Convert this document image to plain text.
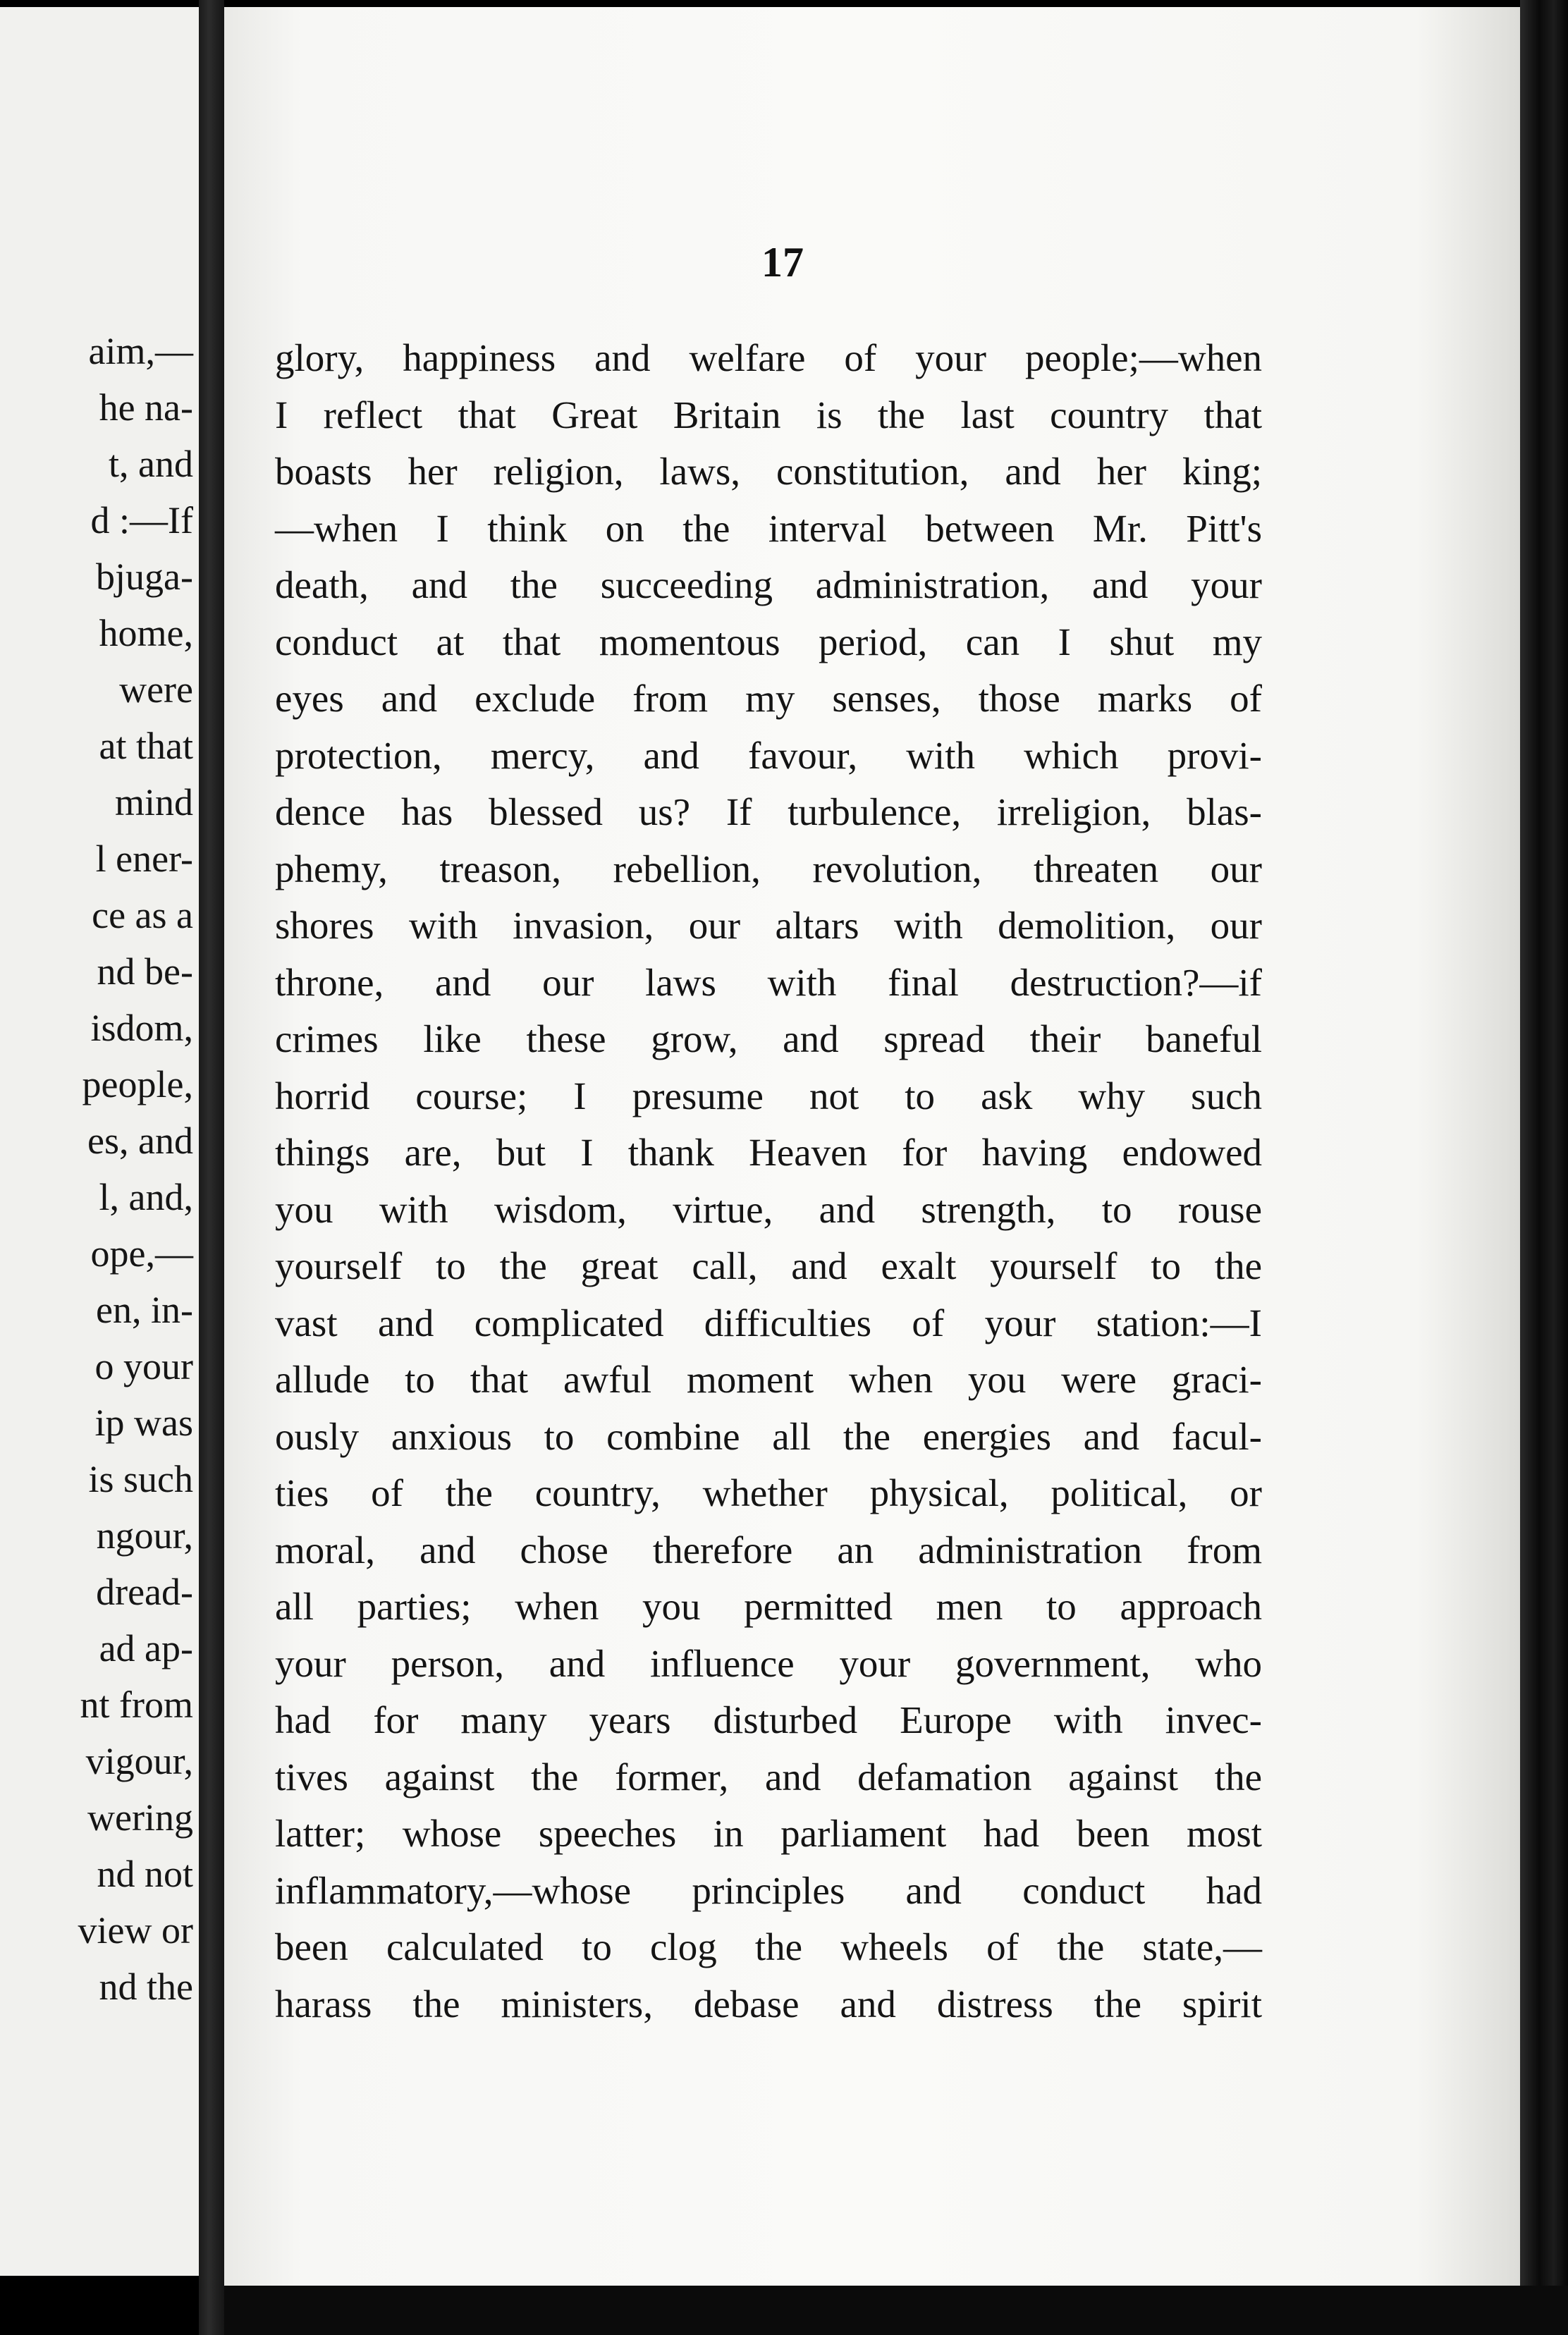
aim,—
he na-
t, and
d :—If
bjuga-
home,
were
at that
mind
l ener-
ce as a
nd be-
isdom,
people,
es, and
l, and,
ope,—
en, in-
o your
ip was
is such
ngour,
dread-
ad ap-
nt from
vigour,
wering
nd not
view or
nd the
17
glory, happiness and welfare of your people;—when
I reflect that Great Britain is the last country that
boasts her religion, laws, constitution, and her king;
—when I think on the interval between Mr. Pitt's
death, and the succeeding administration, and your
conduct at that momentous period, can I shut my
eyes and exclude from my senses, those marks of
protection, mercy, and favour, with which provi-
dence has blessed us? If turbulence, irreligion, blas-
phemy, treason, rebellion, revolution, threaten our
shores with invasion, our altars with demolition, our
throne, and our laws with final destruction?—if
crimes like these grow, and spread their baneful
horrid course; I presume not to ask why such
things are, but I thank Heaven for having endowed
you with wisdom, virtue, and strength, to rouse
yourself to the great call, and exalt yourself to the
vast and complicated difficulties of your station:—I
allude to that awful moment when you were graci-
ously anxious to combine all the energies and facul-
ties of the country, whether physical, political, or
moral, and chose therefore an administration from
all parties; when you permitted men to approach
your person, and influence your government, who
had for many years disturbed Europe with invec-
tives against the former, and defamation against the
latter; whose speeches in parliament had been most
inflammatory,—whose principles and conduct had
been calculated to clog the wheels of the state,—
harass the ministers, debase and distress the spirit
